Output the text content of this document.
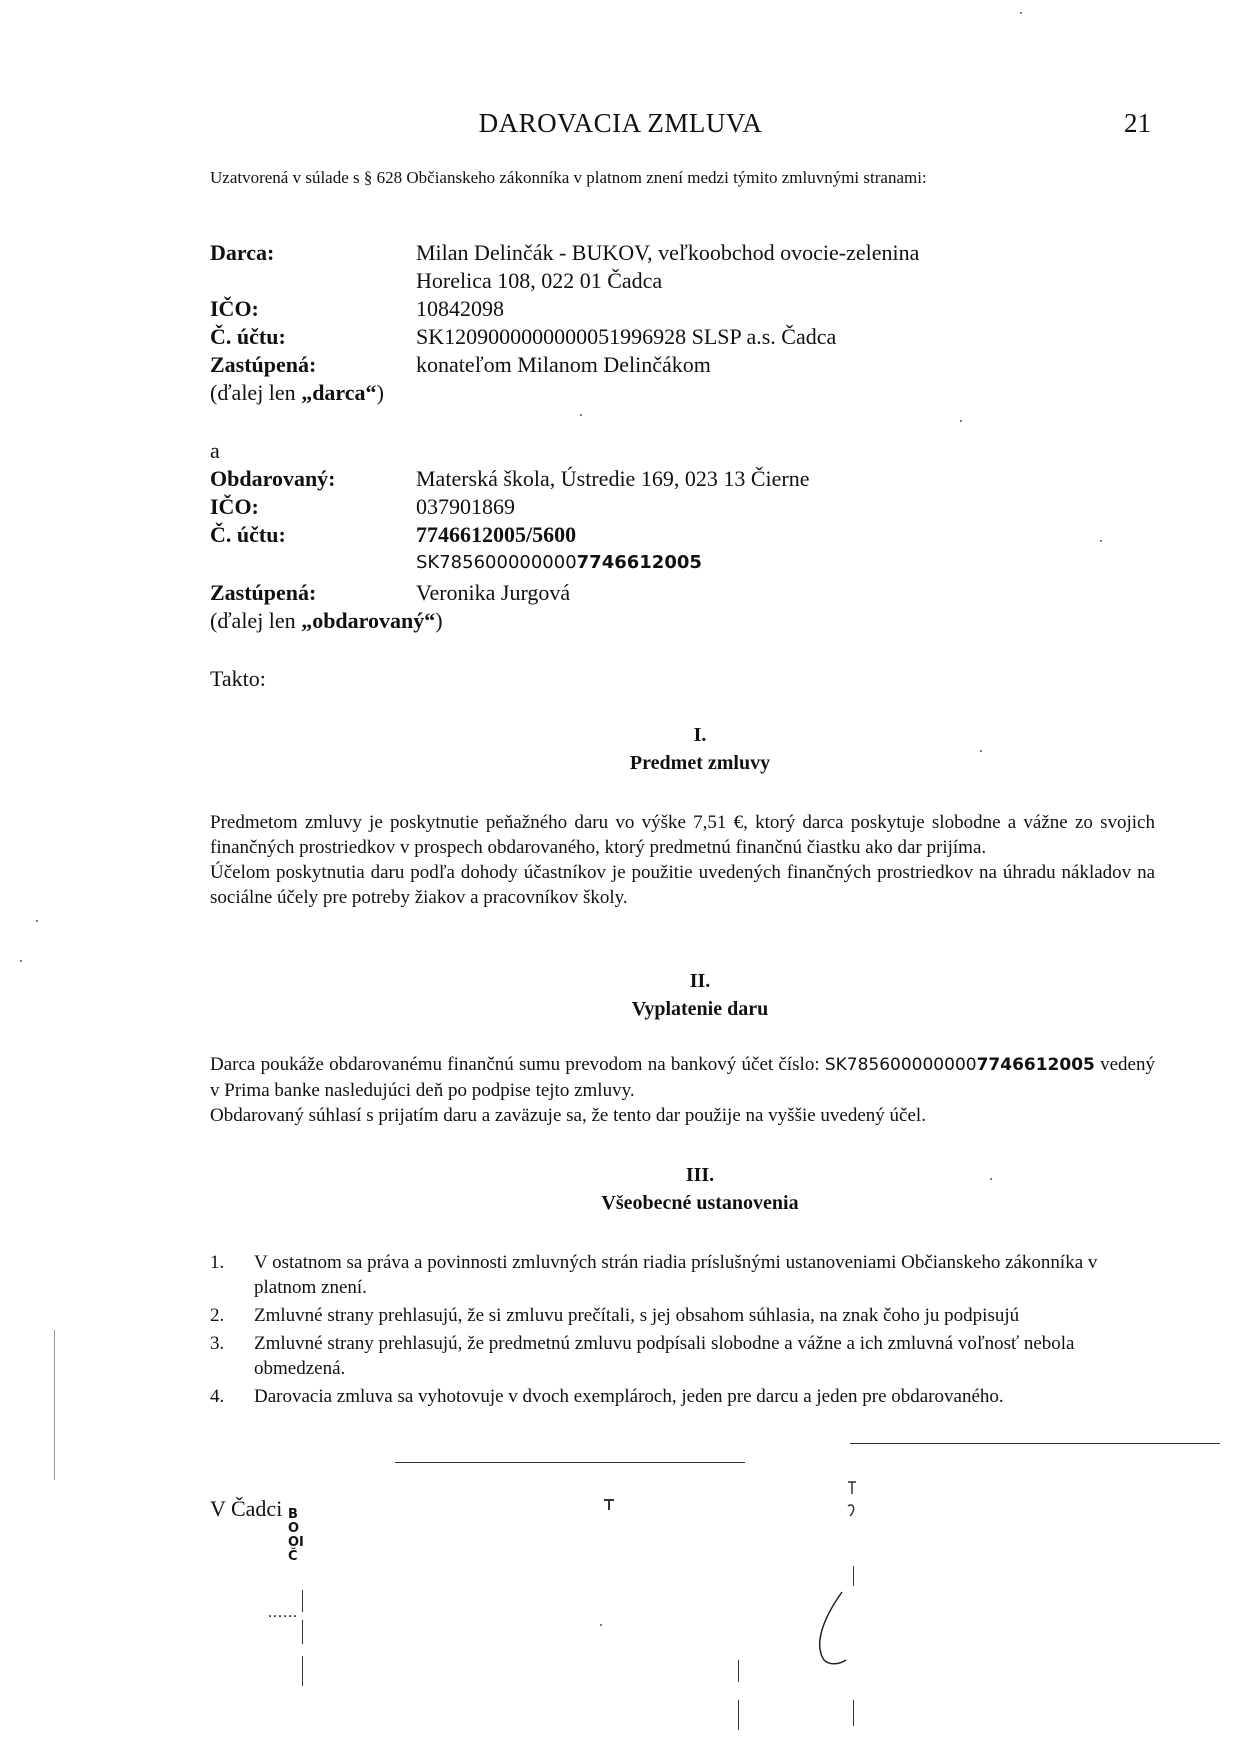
DAROVACIA ZMLUVA	21
Uzatvorená v súlade s § 628 Občianskeho zákonníka v platnom znení medzi týmito zmluvnými stranami:
Darca:	Milan Delinčák - BUKOV, veľkoobchod ovocie-zelenina
Horelica 108, 022 01 Čadca
IČO:	10842098
Č. účtu:	SK1209000000000051996928 SLSP a.s. Čadca
Zastúpená:	konateľom Milanom Delinčákom
(ďalej len „darca“)
a
Obdarovaný:	Materská škola, Ústredie 169, 023 13 Čierne
IČO:	037901869
Č. účtu:	7746612005/5600
SK7856000000007746612005
Zastúpená:	Veronika Jurgová
(ďalej len „obdarovaný“)
Takto:
I.
Predmet zmluvy
Predmetom zmluvy je poskytnutie peňažného daru vo výške 7,51 €, ktorý darca poskytuje slobodne a vážne zo svojich finančných prostriedkov v prospech obdarovaného, ktorý predmetnú finančnú čiastku ako dar prijíma.
Účelom poskytnutia daru podľa dohody účastníkov je použitie uvedených finančných prostriedkov na úhradu nákladov na sociálne účely pre potreby žiakov a pracovníkov školy.
II.
Vyplatenie daru
Darca poukáže obdarovanému finančnú sumu prevodom na bankový účet číslo: SK7856000000007746612005 vedený v Prima banke nasledujúci deň po podpise tejto zmluvy.
Obdarovaný súhlasí s prijatím daru a zaväzuje sa, že tento dar použije na vyššie uvedený účel.
III.
Všeobecné ustanovenia
1.	V ostatnom sa práva a povinnosti zmluvných strán riadia príslušnými ustanoveniami Občianskeho zákonníka v platnom znení.
2.	Zmluvné strany prehlasujú, že si zmluvu prečítali, s jej obsahom súhlasia, na znak čoho ju podpisujú
3.	Zmluvné strany prehlasujú, že predmetnú zmluvu podpísali slobodne a vážne a ich zmluvná voľnosť nebola obmedzená.
4.	Darovacia zmluva sa vyhotovuje v dvoch exemplároch, jeden pre darcu a jeden pre obdarovaného.
V Čadci BOOIČ
......
